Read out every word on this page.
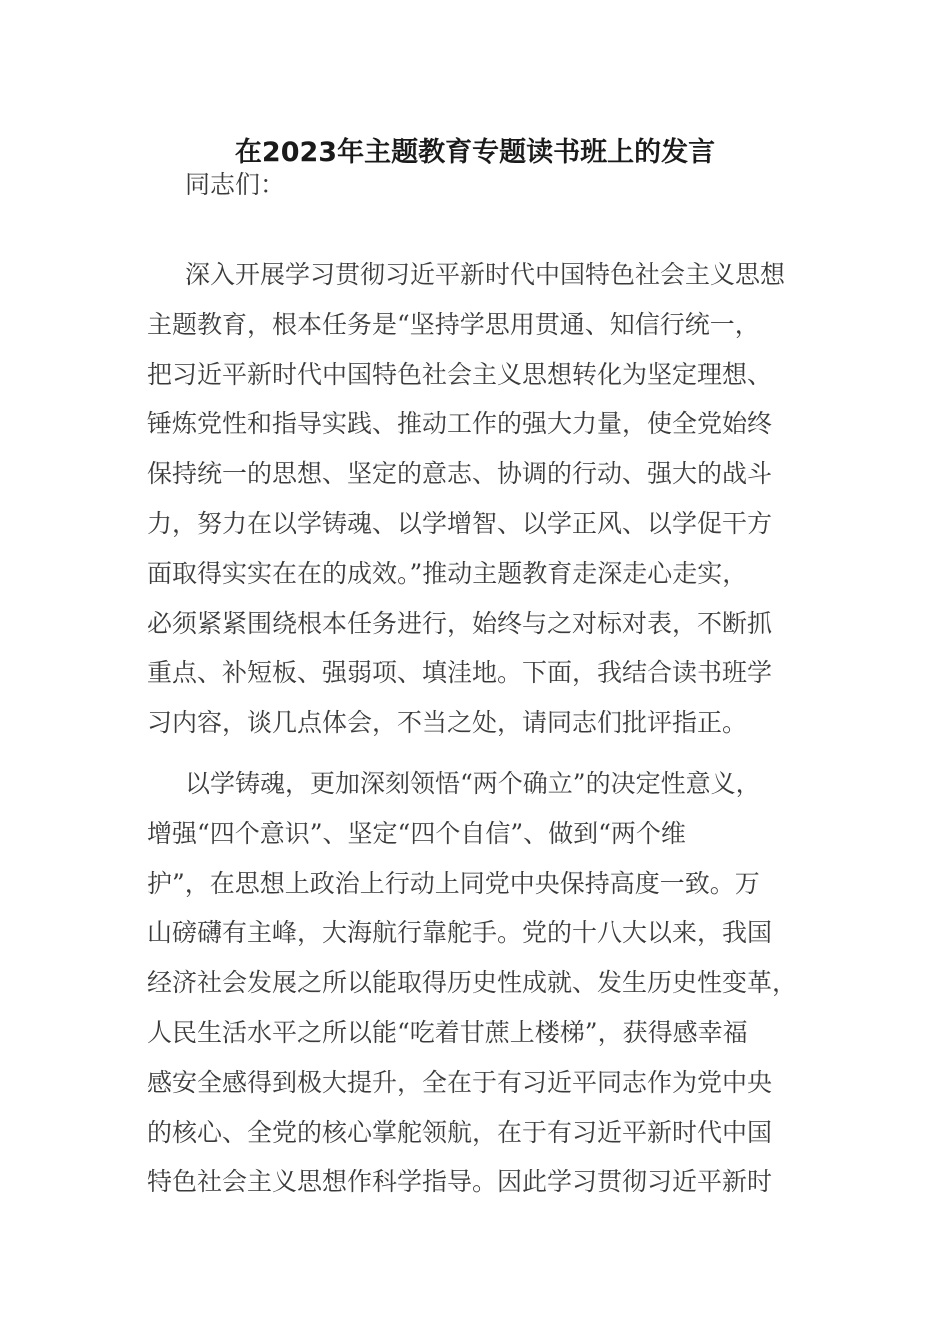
在2023年主题教育专题读书班上的发言
同志们：
深入开展学习贯彻习近平新时代中国特色社会主义思想
主题教育，根本任务是“坚持学思用贯通、知信行统一，
把习近平新时代中国特色社会主义思想转化为坚定理想、
锤炼党性和指导实践、推动工作的强大力量，使全党始终
保持统一的思想、坚定的意志、协调的行动、强大的战斗
力，努力在以学铸魂、以学增智、以学正风、以学促干方
面取得实实在在的成效。”推动主题教育走深走心走实，
必须紧紧围绕根本任务进行，始终与之对标对表，不断抓
重点、补短板、强弱项、填洼地。下面，我结合读书班学
习内容，谈几点体会，不当之处，请同志们批评指正。
以学铸魂，更加深刻领悟“两个确立”的决定性意义，
增强“四个意识”、坚定“四个自信”、做到“两个维
护”，在思想上政治上行动上同党中央保持高度一致。万
山磅礴有主峰，大海航行靠舵手。党的十八大以来，我国
经济社会发展之所以能取得历史性成就、发生历史性变革，
人民生活水平之所以能“吃着甘蔗上楼梯”，获得感幸福
感安全感得到极大提升，全在于有习近平同志作为党中央
的核心、全党的核心掌舵领航，在于有习近平新时代中国
特色社会主义思想作科学指导。因此学习贯彻习近平新时
